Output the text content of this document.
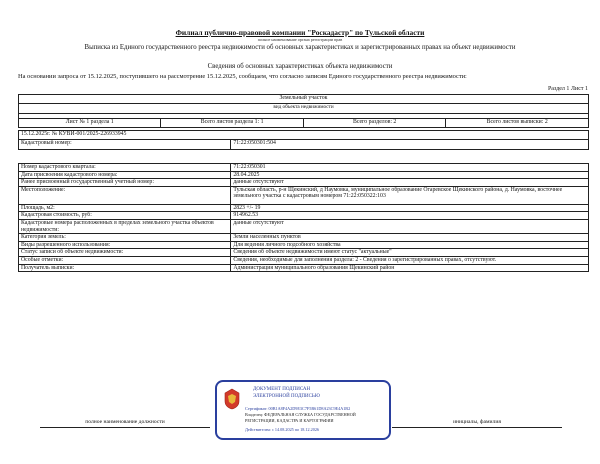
Филиал публично-правовой компании "Роскадастр" по Тульской области
полное наименование органа регистрации прав
Выписка из Единого государственного реестра недвижимости об основных характеристиках и зарегистрированных правах на объект недвижимости
Сведения об основных характеристиках объекта недвижимости
На основании запроса от 15.12.2025, поступившего на рассмотрение 15.12.2025, сообщаем, что согласно записям Единого государственного реестра недвижимости:
Раздел 1 Лист 1
Земельный участок
вид объекта недвижимости

Лист № 1 раздела 1	Всего листов раздела 1: 1	Всего разделов: 2	Всего листов выписки: 2
15.12.2025г. № КУВИ-001/2025-226933945
Кадастровый номер:	71:22:050301:504
Номер кадастрового квартала:	71:22:050301
Дата присвоения кадастрового номера:	28.04.2025
Ранее присвоенный государственный учетный номер:	данные отсутствуют
Местоположение:	Тульская область, р-н Щекинский, д Наумовка, муниципальное образование Огаревское Щекинского района, д. Наумовка, восточнее земельного участка с кадастровым номером 71:22:050322:103
Площадь, м2:	2823 +/- 19
Кадастровая стоимость, руб:	914962.53
Кадастровые номера расположенных в пределах земельного участка объектов недвижимости:	данные отсутствуют
Категория земель:	Земли населенных пунктов
Виды разрешенного использования:	Для ведения личного подсобного хозяйства
Статус записи об объекте недвижимости:	Сведения об объекте недвижимости имеют статус "актуальные"
Особые отметки:	Сведения, необходимые для заполнения раздела: 2 - Сведения о зарегистрированных правах, отсутствуют.
Получатель выписки:	Администрация муниципального образования Щекинский район
полное наименование должности	инициалы, фамилия
ДОКУМЕНТ ПОДПИСАН
ЭЛЕКТРОННОЙ ПОДПИСЬЮ
Сертификат: 00B1A8F4A2D9E3C7F5B61D8A23C9E4A1B2
Владелец: ФЕДЕРАЛЬНАЯ СЛУЖБА ГОСУДАРСТВЕННОЙ
РЕГИСТРАЦИИ, КАДАСТРА И КАРТОГРАФИИ
Действителен: с 14.08.2025 по 18.12.2026
